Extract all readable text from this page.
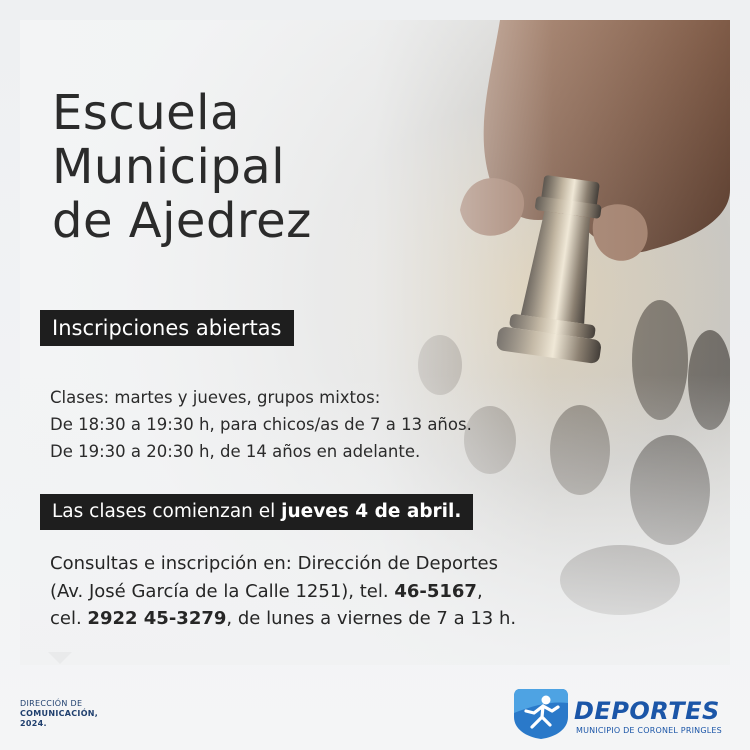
Escuela
Municipal
de Ajedrez
Inscripciones abiertas
Clases: martes y jueves, grupos mixtos:
De 18:30 a 19:30 h, para chicos/as de 7 a 13 años.
De 19:30 a 20:30 h, de 14 años en adelante.
Las clases comienzan el jueves 4 de abril.
Consultas e inscripción en: Dirección de Deportes
(Av. José García de la Calle 1251), tel. 46-5167,
cel. 2922 45-3279, de lunes a viernes de 7 a 13 h.
DIRECCIÓN DE
COMUNICACIÓN,
2024.	DEPORTES
MUNICIPIO DE CORONEL PRINGLES
